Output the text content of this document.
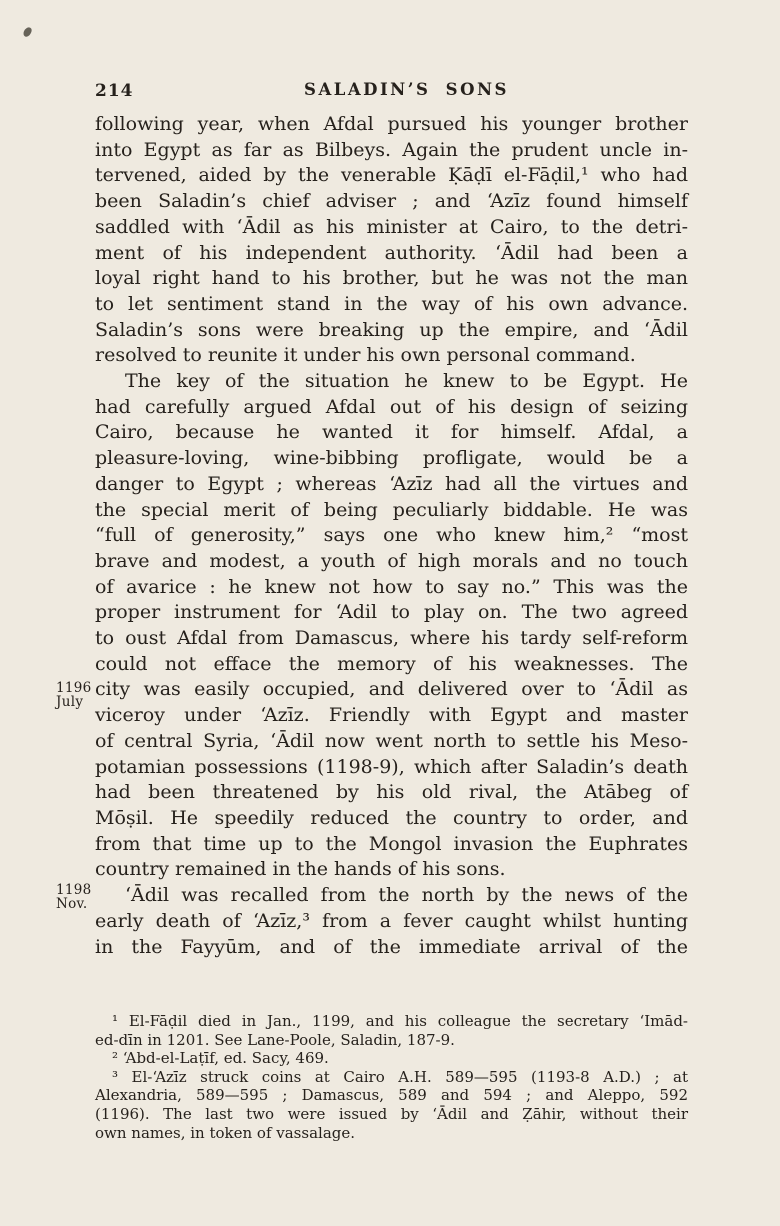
214	SALADIN’S SONS
following year, when Afdal pursued his younger brother
into Egypt as far as Bilbeys. Again the prudent uncle in-
tervened, aided by the venerable Ḳāḍī el-Fāḍil,¹ who had
been Saladin’s chief adviser ; and ‘Azīz found himself
saddled with ‘Ādil as his minister at Cairo, to the detri-
ment of his independent authority. ‘Ādil had been a
loyal right hand to his brother, but he was not the man
to let sentiment stand in the way of his own advance.
Saladin’s sons were breaking up the empire, and ‘Ādil
resolved to reunite it under his own personal command.
The key of the situation he knew to be Egypt. He
had carefully argued Afdal out of his design of seizing
Cairo, because he wanted it for himself. Afdal, a
pleasure-loving, wine-bibbing profligate, would be a
danger to Egypt ; whereas ‘Azīz had all the virtues and
the special merit of being peculiarly biddable. He was
“full of generosity,” says one who knew him,² “most
brave and modest, a youth of high morals and no touch
of avarice : he knew not how to say no.” This was the
proper instrument for ‘Adil to play on. The two agreed
to oust Afdal from Damascus, where his tardy self-reform
could not efface the memory of his weaknesses. The
city was easily occupied, and delivered over to ‘Ādil as
viceroy under ‘Azīz. Friendly with Egypt and master
of central Syria, ‘Ādil now went north to settle his Meso-
potamian possessions (1198-9), which after Saladin’s death
had been threatened by his old rival, the Atābeg of
Mōṣil. He speedily reduced the country to order, and
from that time up to the Mongol invasion the Euphrates
country remained in the hands of his sons.
‘Ādil was recalled from the north by the news of the
early death of ‘Azīz,³ from a fever caught whilst hunting
in the Fayyūm, and of the immediate arrival of the
1196
July
1198
Nov.
¹ El-Fāḍil died in Jan., 1199, and his colleague the secretary ‘Imād-
ed-dīn in 1201. See Lane-Poole, Saladin, 187-9.
² ‘Abd-el-Laṭīf, ed. Sacy, 469.
³ El-‘Azīz struck coins at Cairo A.H. 589—595 (1193-8 A.D.) ; at
Alexandria, 589—595 ; Damascus, 589 and 594 ; and Aleppo, 592
(1196). The last two were issued by ‘Ādil and Ẓāhir, without their
own names, in token of vassalage.
